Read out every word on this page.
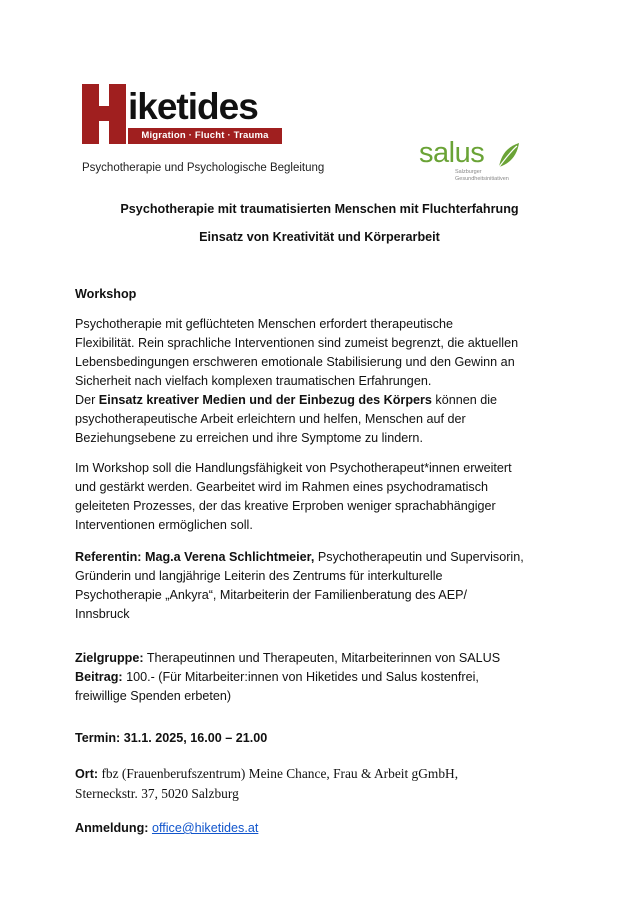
iketides
Migration · Flucht · Trauma
Psychotherapie und Psychologische Begleitung	salus
Salzburger
Gesundheitsinitiativen
Psychotherapie mit traumatisierten Menschen mit Fluchterfahrung
Einsatz von Kreativität und Körperarbeit
Workshop
Psychotherapie mit geflüchteten Menschen erfordert therapeutische
Flexibilität. Rein sprachliche Interventionen sind zumeist begrenzt, die aktuellen
Lebensbedingungen erschweren emotionale Stabilisierung und den Gewinn an
Sicherheit nach vielfach komplexen traumatischen Erfahrungen.
Der Einsatz kreativer Medien und der Einbezug des Körpers können die
psychotherapeutische Arbeit erleichtern und helfen, Menschen auf der
Beziehungsebene zu erreichen und ihre Symptome zu lindern.
Im Workshop soll die Handlungsfähigkeit von Psychotherapeut*innen erweitert
und gestärkt werden. Gearbeitet wird im Rahmen eines psychodramatisch
geleiteten Prozesses, der das kreative Erproben weniger sprachabhängiger
Interventionen ermöglichen soll.
Referentin: Mag.a Verena Schlichtmeier, Psychotherapeutin und Supervisorin,
Gründerin und langjährige Leiterin des Zentrums für interkulturelle
Psychotherapie „Ankyra“, Mitarbeiterin der Familienberatung des AEP/
Innsbruck
Zielgruppe: Therapeutinnen und Therapeuten, Mitarbeiterinnen von SALUS
Beitrag: 100.- (Für Mitarbeiter:innen von Hiketides und Salus kostenfrei,
freiwillige Spenden erbeten)
Termin: 31.1. 2025, 16.00 – 21.00
Ort: fbz (Frauenberufszentrum) Meine Chance, Frau & Arbeit gGmbH,
Sterneckstr. 37, 5020 Salzburg
Anmeldung: office@hiketides.at
